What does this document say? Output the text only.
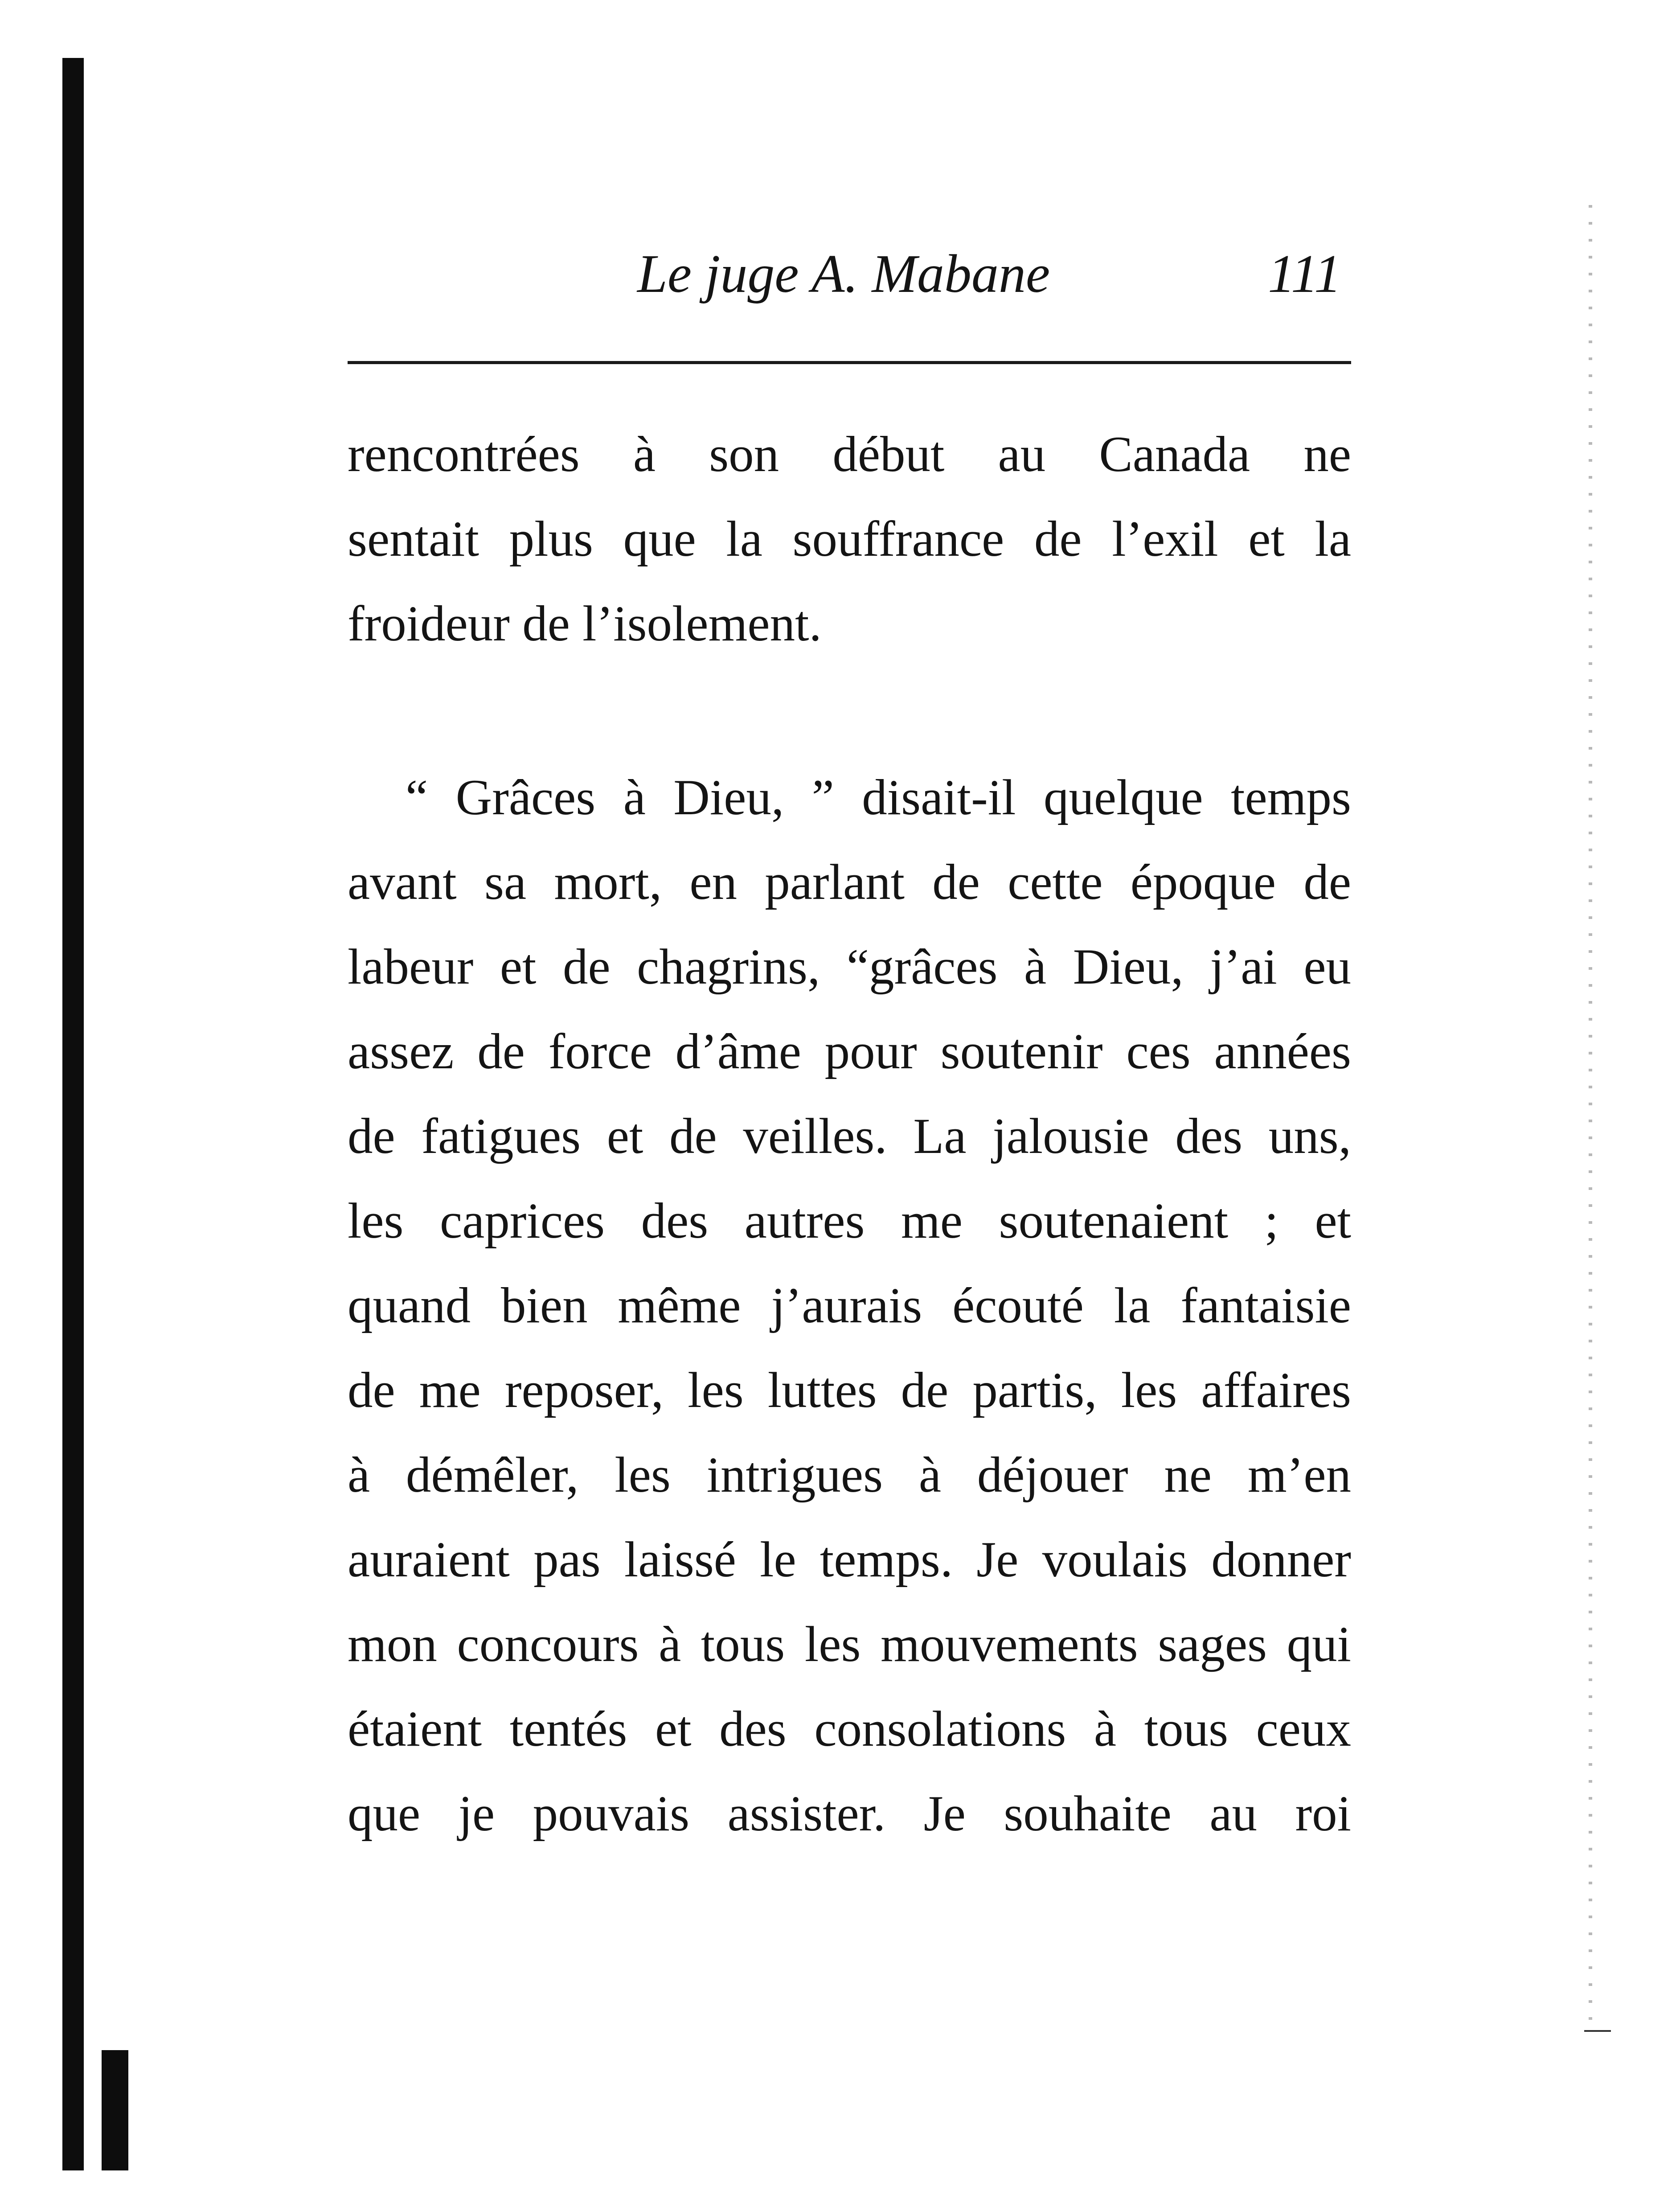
Le juge A. Mabane	111
rencontrées à son début au Canada ne
sentait plus que la souffrance de l’exil et la
froideur de l’isolement.
“ Grâces à Dieu, ” disait-il quelque temps
avant sa mort, en parlant de cette époque de
labeur et de chagrins, “grâces à Dieu, j’ai eu
assez de force d’âme pour soutenir ces années
de fatigues et de veilles. La jalousie des uns,
les caprices des autres me soutenaient ; et
quand bien même j’aurais écouté la fantaisie
de me reposer, les luttes de partis, les affaires
à démêler, les intrigues à déjouer ne m’en
auraient pas laissé le temps. Je voulais donner
mon concours à tous les mouvements sages qui
étaient tentés et des consolations à tous ceux
que je pouvais assister. Je souhaite au roi
